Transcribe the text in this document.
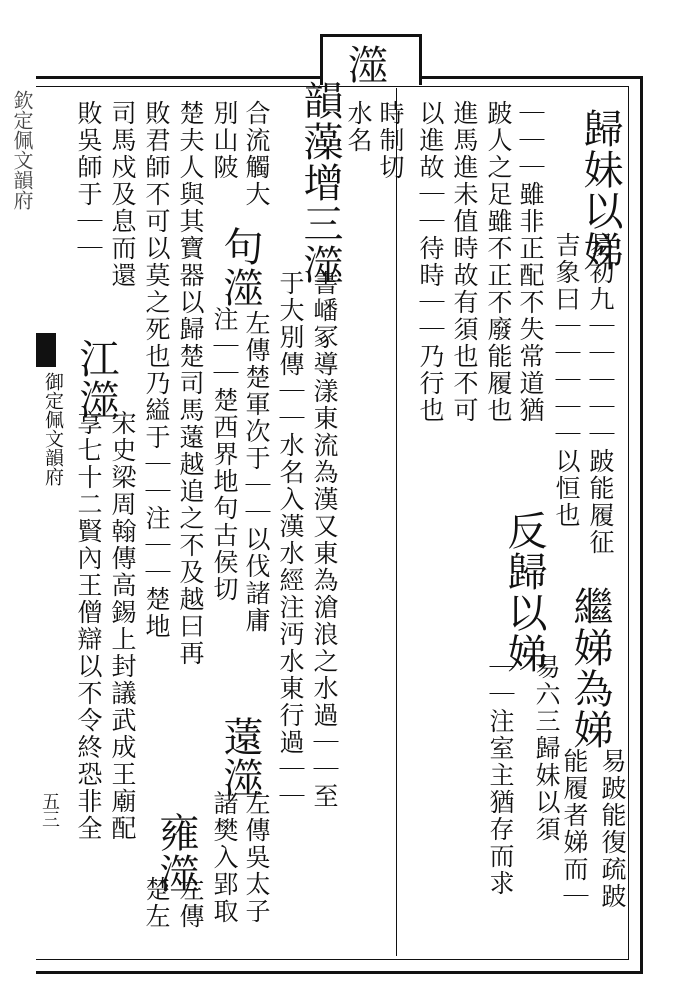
澨
欽定佩文韻府
御定佩文韻府
五三
歸妹以娣
易初九｜｜｜｜｜跛能履征
吉象曰｜｜｜｜｜以恒也
繼娣為娣
易跛能復疏跛
能履者娣而｜
跛人之足雖不正不廢能履也 ｜｜｜雖非正配不失常道猶
反歸以娣
易六三歸妹以須
｜｜注室主猶存而求
進馬進未值時故有須也不可
以進故｜｜待時｜｜乃行也
時制切
水名
韻藻增三澨
書嶓冢導漾東流為漢又東為滄浪之水過｜｜至
于大別傳｜｜水名入漢水經注沔水東行過｜｜
句澨
左傳楚軍次于｜｜以伐諸庸
注｜｜楚西界地句古侯切
薳澨
左傳吳太子
諸樊入郢取
合流觸大
別山陂
楚夫人與其寶器以歸楚司馬薳越追之不及越曰再
敗君師不可以莫之死也乃縊于｜｜注｜｜楚地
雍澨
左傳
楚左
司馬戍及息而還
敗吳師于｜｜
江澨
宋史梁周翰傳高錫上封議武成王廟配
享七十二賢內王僧辯以不令終恐非全
